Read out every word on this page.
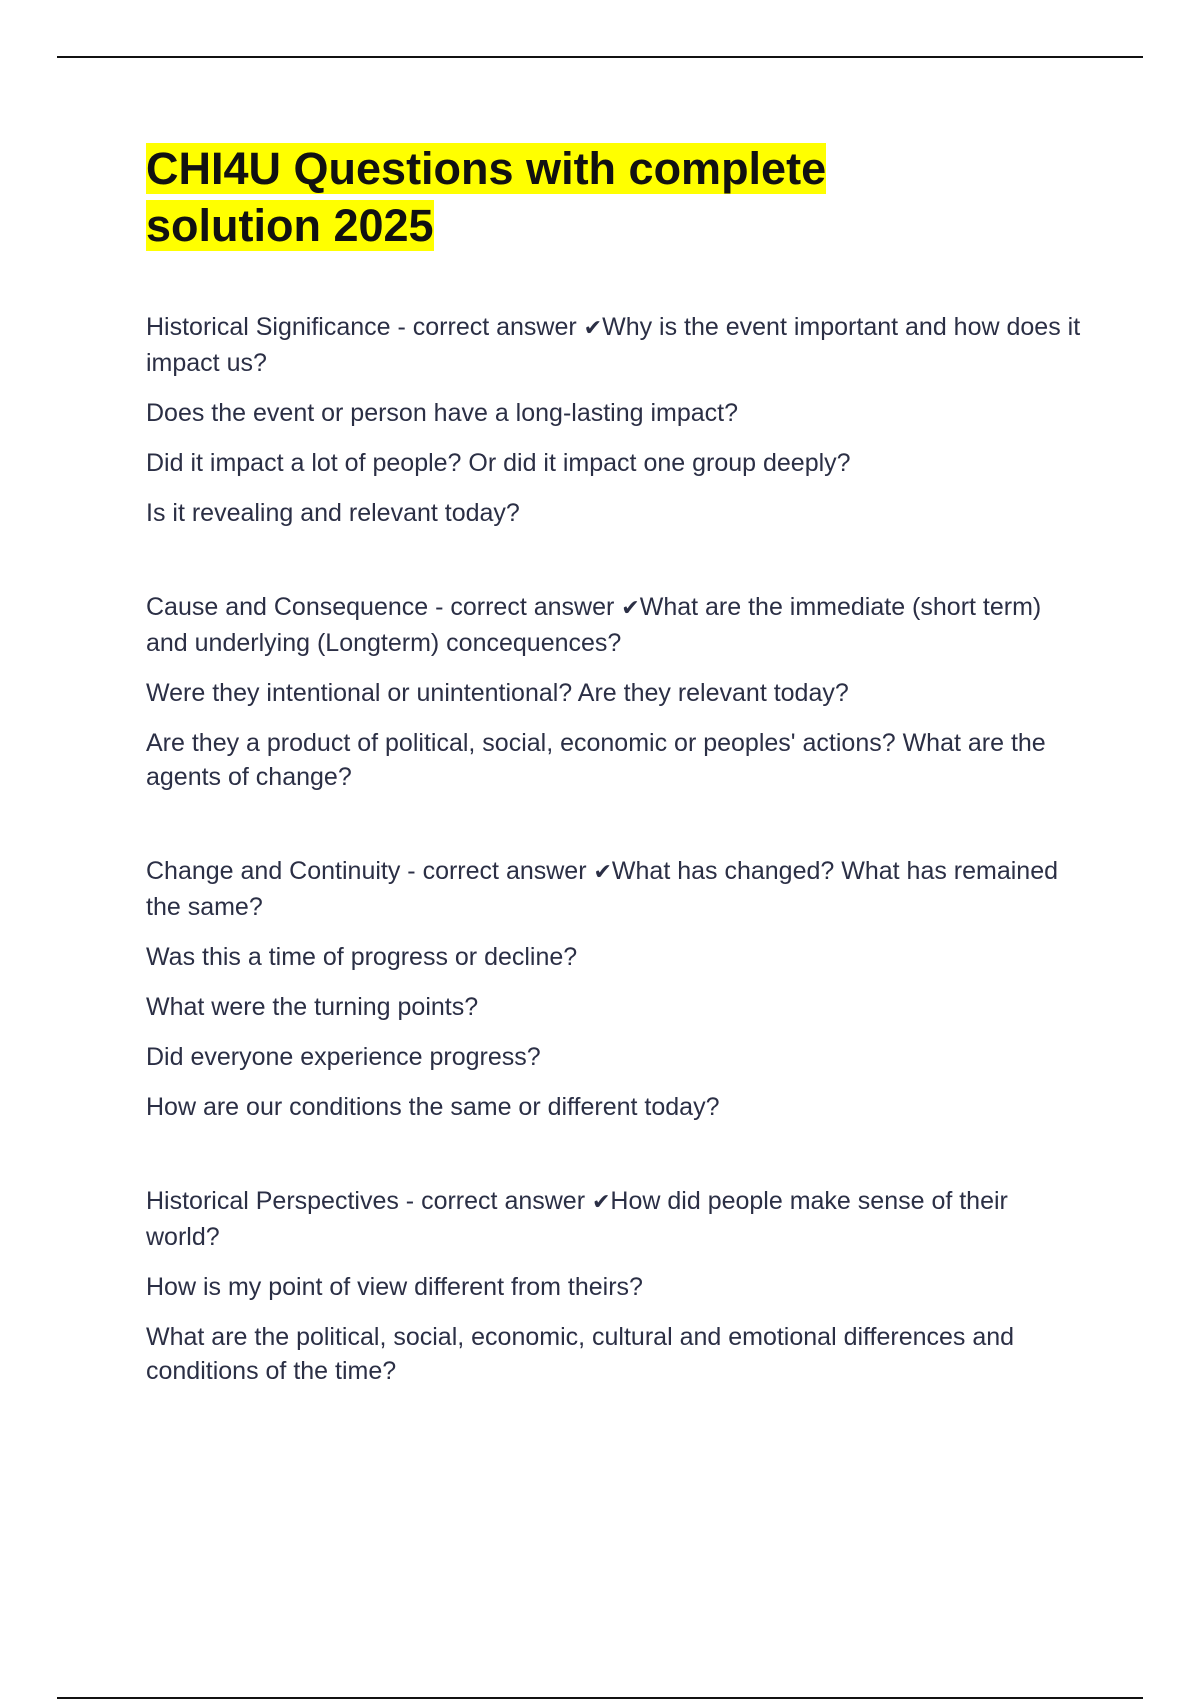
CHI4U Questions with complete solution 2025

Historical Significance - correct answer ✔Why is the event important and how does it impact us?

Does the event or person have a long-lasting impact?

Did it impact a lot of people? Or did it impact one group deeply?

Is it revealing and relevant today?

Cause and Consequence - correct answer ✔What are the immediate (short term) and underlying (Longterm) concequences?

Were they intentional or unintentional? Are they relevant today?

Are they a product of political, social, economic or peoples' actions? What are the agents of change?

Change and Continuity - correct answer ✔What has changed? What has remained the same?

Was this a time of progress or decline?

What were the turning points?

Did everyone experience progress?

How are our conditions the same or different today?

Historical Perspectives - correct answer ✔How did people make sense of their world?

How is my point of view different from theirs?

What are the political, social, economic, cultural and emotional differences and conditions of the time?
